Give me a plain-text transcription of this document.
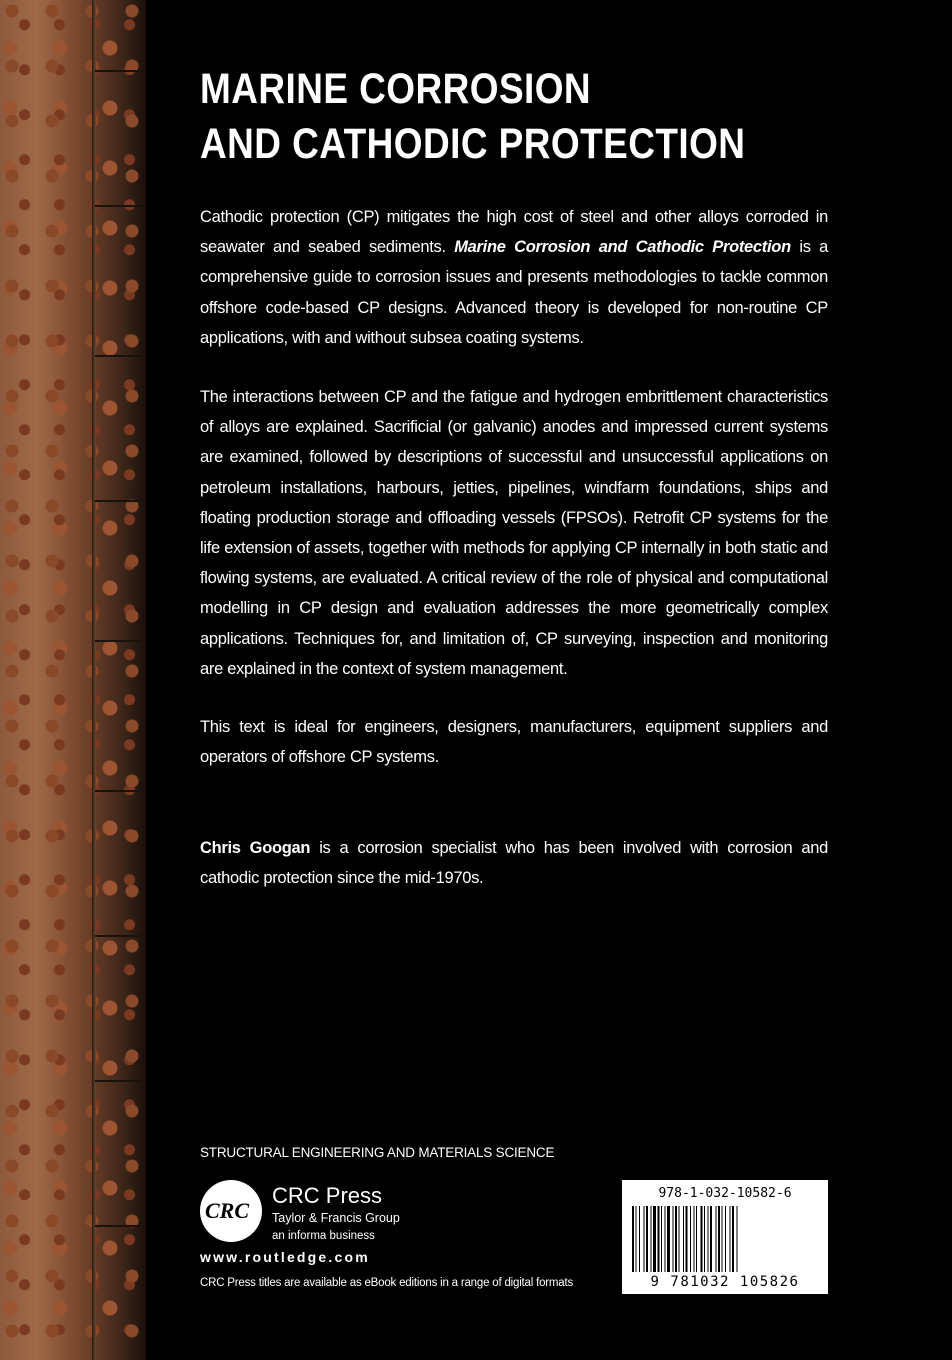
MARINE CORROSION
AND CATHODIC PROTECTION

Cathodic protection (CP) mitigates the high cost of steel and other alloys corroded in seawater and seabed sediments. Marine Corrosion and Cathodic Protection is a comprehensive guide to corrosion issues and presents methodologies to tackle common offshore code-based CP designs. Advanced theory is developed for non-routine CP applications, with and without subsea coating systems.

The interactions between CP and the fatigue and hydrogen embrittlement characteristics of alloys are explained. Sacrificial (or galvanic) anodes and impressed current systems are examined, followed by descriptions of successful and unsuccessful applications on petroleum installations, harbours, jetties, pipelines, windfarm foundations, ships and floating production storage and offloading vessels (FPSOs). Retrofit CP systems for the life extension of assets, together with methods for applying CP internally in both static and flowing systems, are evaluated. A critical review of the role of physical and computational modelling in CP design and evaluation addresses the more geometrically complex applications. Techniques for, and limitation of, CP surveying, inspection and monitoring are explained in the context of system management.

This text is ideal for engineers, designers, manufacturers, equipment suppliers and operators of offshore CP systems.

Chris Googan is a corrosion specialist who has been involved with corrosion and cathodic protection since the mid-1970s.

STRUCTURAL ENGINEERING AND MATERIALS SCIENCE
CRC
CRC Press
Taylor & Francis Group
an informa business
www.routledge.com
CRC Press titles are available as eBook editions in a range of digital formats
978-1-032-10582-6
9 781032 105826
